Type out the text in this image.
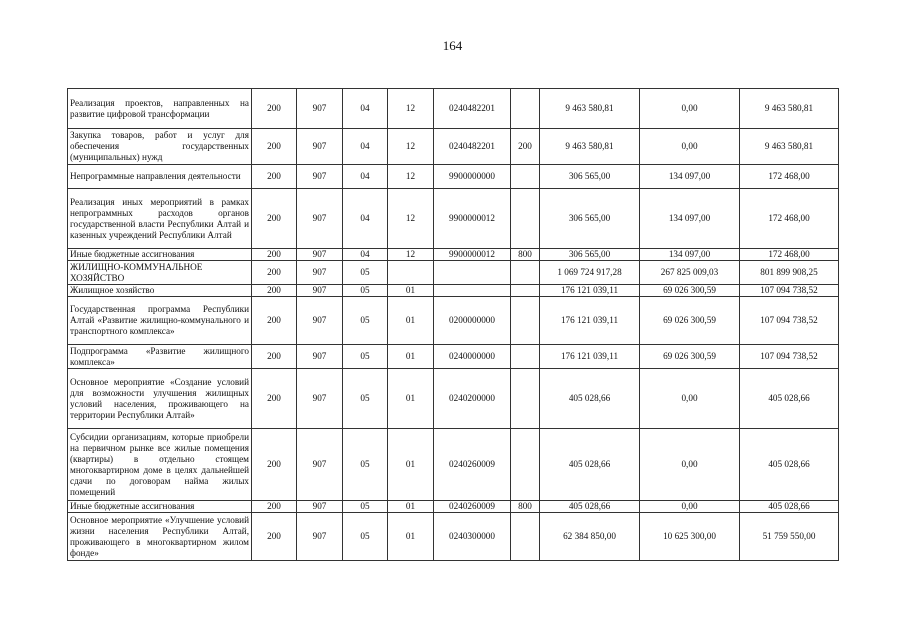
164
Реализация проектов, направленных на развитие цифровой трансформации	200	907	04	12	0240482201		9 463 580,81	0,00	9 463 580,81
Закупка товаров, работ и услуг для обеспечения государственных (муниципальных) нужд	200	907	04	12	0240482201	200	9 463 580,81	0,00	9 463 580,81
Непрограммные направления деятельности	200	907	04	12	9900000000		306 565,00	134 097,00	172 468,00
Реализация иных мероприятий в рамках непрограммных расходов органов государственной власти Республики Алтай и казенных учреждений Республики Алтай	200	907	04	12	9900000012		306 565,00	134 097,00	172 468,00
Иные бюджетные ассигнования	200	907	04	12	9900000012	800	306 565,00	134 097,00	172 468,00
ЖИЛИЩНО-КОММУНАЛЬНОЕ ХОЗЯЙСТВО	200	907	05				1 069 724 917,28	267 825 009,03	801 899 908,25
Жилищное хозяйство	200	907	05	01			176 121 039,11	69 026 300,59	107 094 738,52
Государственная программа Республики Алтай «Развитие жилищно-коммунального и транспортного комплекса»	200	907	05	01	0200000000		176 121 039,11	69 026 300,59	107 094 738,52
Подпрограмма «Развитие жилищного комплекса»	200	907	05	01	0240000000		176 121 039,11	69 026 300,59	107 094 738,52
Основное мероприятие «Создание условий для возможности улучшения жилищных условий населения, проживающего на территории Республики Алтай»	200	907	05	01	0240200000		405 028,66	0,00	405 028,66
Субсидии организациям, которые приобрели на первичном рынке все жилые помещения (квартиры) в отдельно стоящем многоквартирном доме в целях дальнейшей сдачи по договорам найма жилых помещений	200	907	05	01	0240260009		405 028,66	0,00	405 028,66
Иные бюджетные ассигнования	200	907	05	01	0240260009	800	405 028,66	0,00	405 028,66
Основное мероприятие «Улучшение условий жизни населения Республики Алтай, проживающего в многоквартирном жилом фонде»	200	907	05	01	0240300000		62 384 850,00	10 625 300,00	51 759 550,00
